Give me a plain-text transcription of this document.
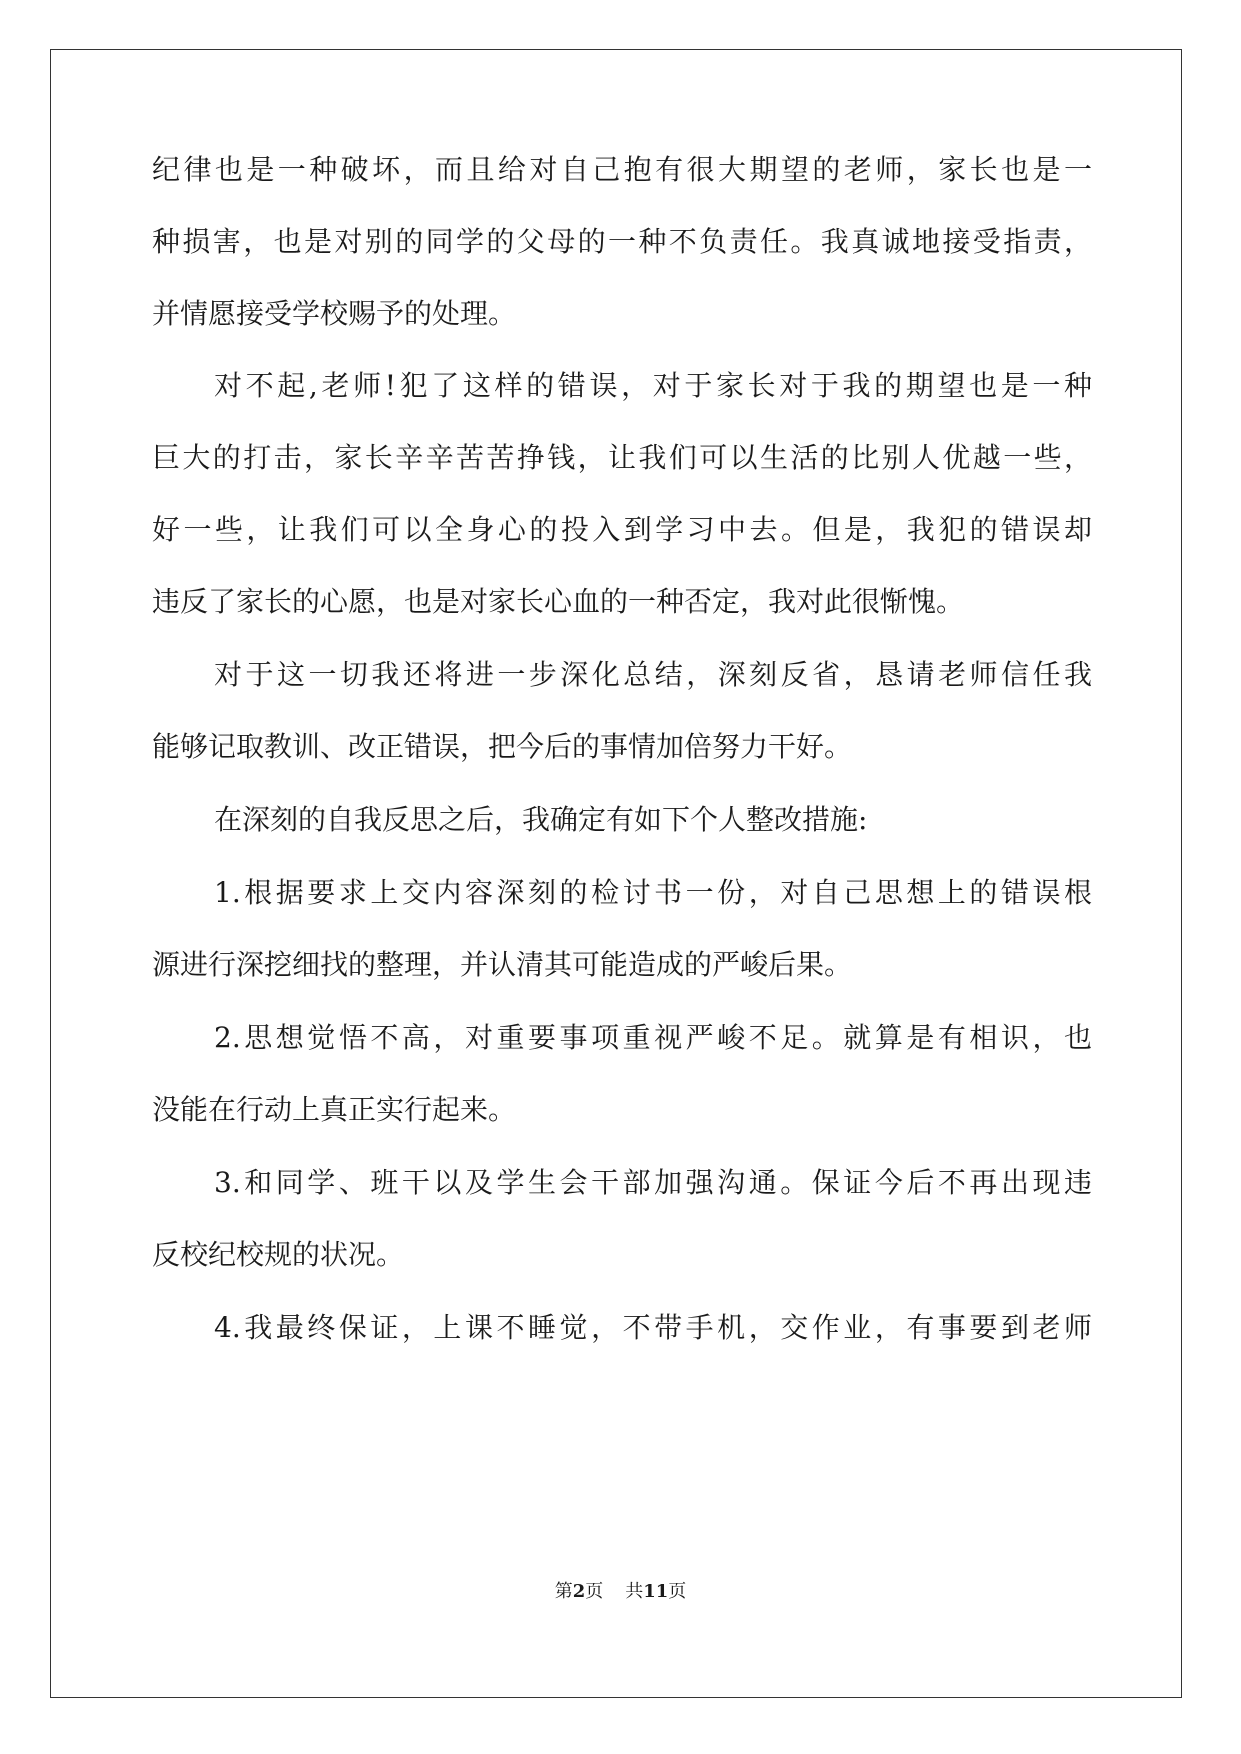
纪律也是一种破坏，而且给对自己抱有很大期望的老师，家长也是一
种损害，也是对别的同学的父母的一种不负责任。我真诚地接受指责，
并情愿接受学校赐予的处理。
对不起,老师!犯了这样的错误，对于家长对于我的期望也是一种
巨大的打击，家长辛辛苦苦挣钱，让我们可以生活的比别人优越一些，
好一些，让我们可以全身心的投入到学习中去。但是，我犯的错误却
违反了家长的心愿，也是对家长心血的一种否定，我对此很惭愧。
对于这一切我还将进一步深化总结，深刻反省，恳请老师信任我
能够记取教训、改正错误，把今后的事情加倍努力干好。
在深刻的自我反思之后，我确定有如下个人整改措施:
1.根据要求上交内容深刻的检讨书一份，对自己思想上的错误根
源进行深挖细找的整理，并认清其可能造成的严峻后果。
2.思想觉悟不高，对重要事项重视严峻不足。就算是有相识，也
没能在行动上真正实行起来。
3.和同学、班干以及学生会干部加强沟通。保证今后不再出现违
反校纪校规的状况。
4.我最终保证，上课不睡觉，不带手机，交作业，有事要到老师
第2页 共11页
